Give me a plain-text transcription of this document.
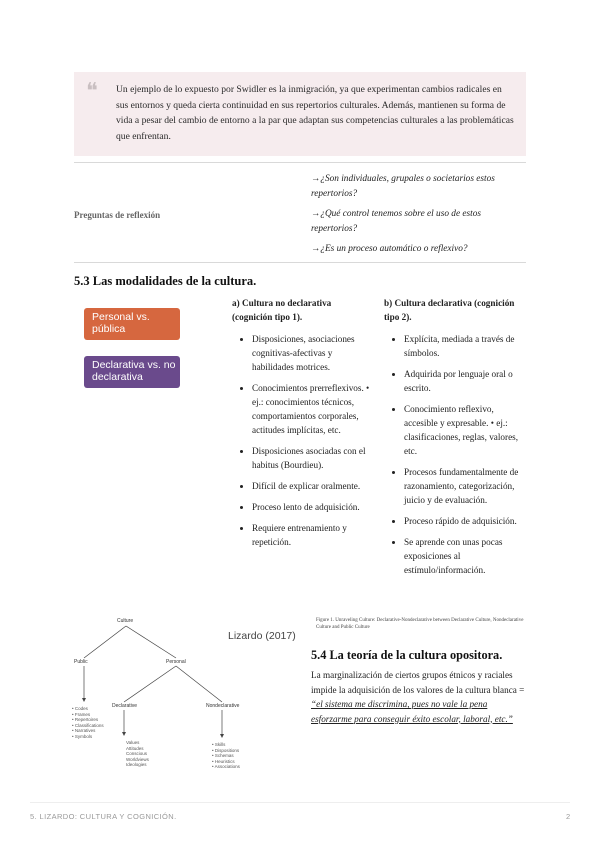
❝ Un ejemplo de lo expuesto por Swidler es la inmigración, ya que experimentan cambios radicales en sus entornos y queda cierta continuidad en sus repertorios culturales. Además, mantienen su forma de vida a pesar del cambio de entorno a la par que adaptan sus competencias culturales a las problemáticas que enfrentan.
Preguntas de reflexión
→¿Son individuales, grupales o societarios estos repertorios?
→¿Qué control tenemos sobre el uso de estos repertorios?
→¿Es un proceso automático o reflexivo?
5.3 Las modalidades de la cultura.
Personal vs. pública
Declarativa vs. no declarativa
a) Cultura no declarativa (cognición tipo 1).
• Disposiciones, asociaciones cognitivas-afectivas y habilidades motrices.
• Conocimientos prerreflexivos. • ej.: conocimientos técnicos, comportamientos corporales, actitudes implícitas, etc.
• Disposiciones asociadas con el habitus (Bourdieu).
• Difícil de explicar oralmente.
• Proceso lento de adquisición.
• Requiere entrenamiento y repetición.
b) Cultura declarativa (cognición tipo 2).
• Explícita, mediada a través de símbolos.
• Adquirida por lenguaje oral o escrito.
• Conocimiento reflexivo, accesible y expresable. • ej.: clasificaciones, reglas, valores, etc.
• Procesos fundamentalmente de razonamiento, categorización, juicio y de evaluación.
• Proceso rápido de adquisición.
• Se aprende con unas pocas exposiciones al estímulo/información.
Culture
Public	Personal
Declarative	Nondeclarative
• Codes
• Frames
• Repertoires
• Classifications
• Narratives
• Symbols
Values
Attitudes
Conscious
Worldviews
Ideologies
• Skills
• Dispositions
• Schemas
• Heuristics
• Associations
Lizardo (2017)
Figure 1. Unraveling Culture: Declarative-Nondeclarative between Declarative Culture, Nondeclarative Culture and Public Culture
5.4 La teoría de la cultura opositora.
La marginalización de ciertos grupos étnicos y raciales impide la adquisición de los valores de la cultura blanca = “el sistema me discrimina, pues no vale la pena esforzarme para conseguir éxito escolar, laboral, etc.”
5. LIZARDO: CULTURA Y COGNICIÓN.	2
